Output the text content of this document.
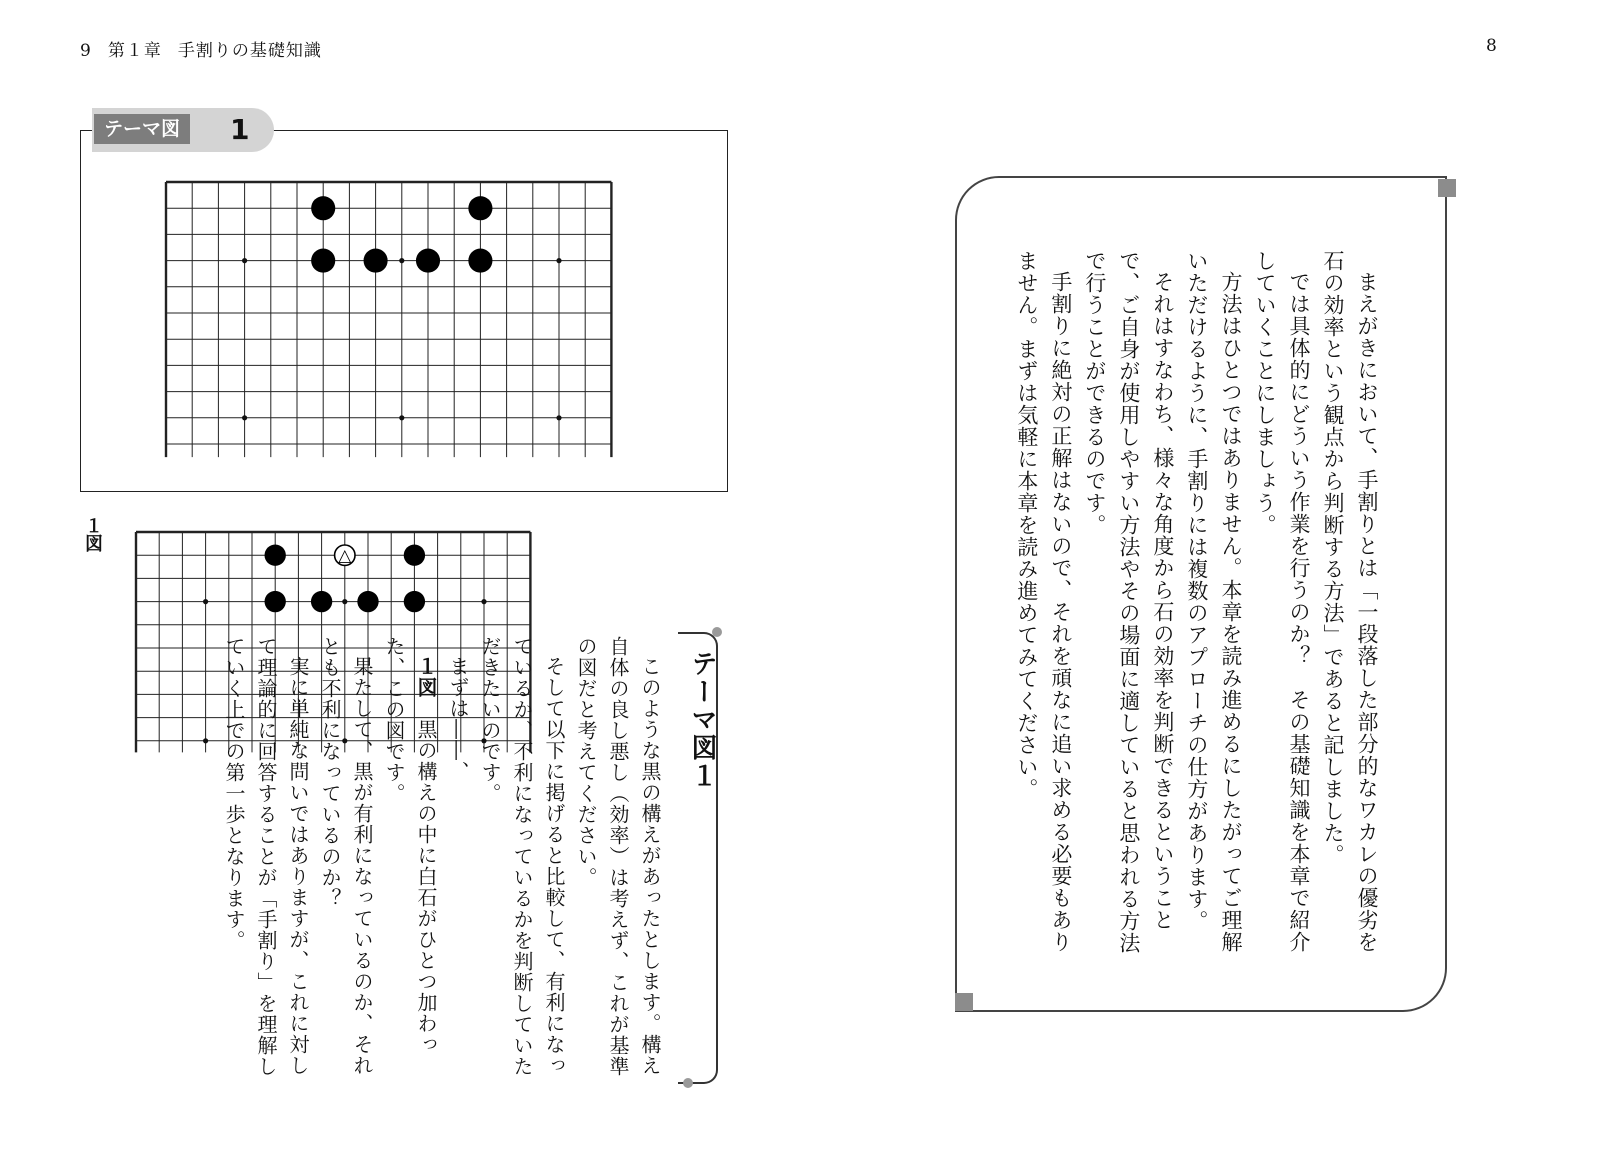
9 第１章 手割りの基礎知識	8
テーマ図	1
１図
△
テーマ図１

このような黒の構えがあったとします。構え自体の良し悪し（効率）は考えず、これが基準の図だと考えてください。

そして以下に掲げると比較して、有利になっているか、不利になっているかを判断していただきたいのです。

まずは――、

１図　黒の構えの中に白石がひとつ加わった、この図です。

果たして、黒が有利になっているのか、それとも不利になっているのか？

実に単純な問いではありますが、これに対して理論的に回答することが「手割り」を理解していく上での第一歩となります。	まえがきにおいて、手割りとは「一段落した部分的なワカレの優劣を石の効率という観点から判断する方法」であると記しました。

では具体的にどういう作業を行うのか？　その基礎知識を本章で紹介していくことにしましょう。

方法はひとつではありません。本章を読み進めるにしたがってご理解いただけるように、手割りには複数のアプローチの仕方があります。

それはすなわち、様々な角度から石の効率を判断できるということで、ご自身が使用しやすい方法やその場面に適していると思われる方法で行うことができるのです。

手割りに絶対の正解はないので、それを頑なに追い求める必要もありません。まずは気軽に本章を読み進めてみてください。
